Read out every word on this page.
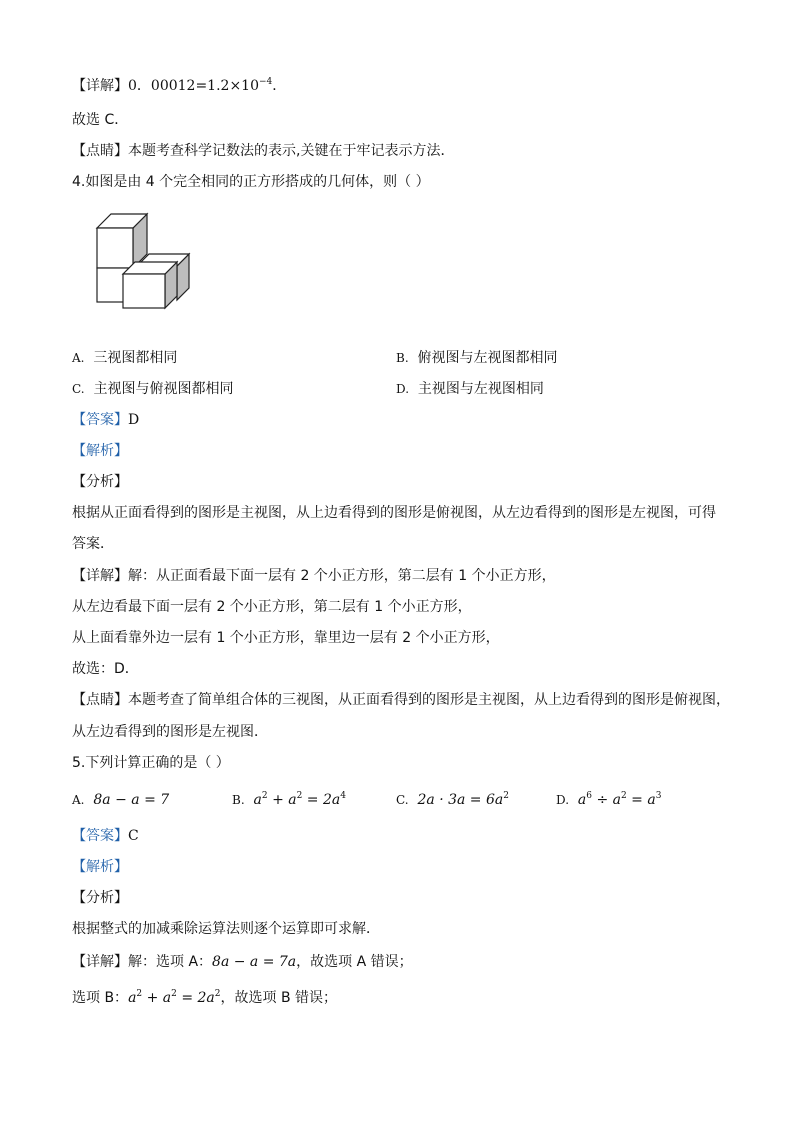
【详解】0．$00012=1.2\times 10^{-4}$．
故选 C．
【点睛】本题考查科学记数法的表示,关键在于牢记表示方法．
4.如图是由 4 个完全相同的正方形搭成的几何体，则（ ）
A. 三视图都相同	B. 俯视图与左视图都相同
C. 主视图与俯视图都相同	D. 主视图与左视图相同
【答案】D
【解析】
【分析】
根据从正面看得到的图形是主视图，从上边看得到的图形是俯视图，从左边看得到的图形是左视图，可得
答案．
【详解】解：从正面看最下面一层有 2 个小正方形，第二层有 1 个小正方形，
从左边看最下面一层有 2 个小正方形，第二层有 1 个小正方形，
从上面看靠外边一层有 1 个小正方形，靠里边一层有 2 个小正方形，
故选：D．
【点睛】本题考查了简单组合体的三视图，从正面看得到的图形是主视图，从上边看得到的图形是俯视图，
从左边看得到的图形是左视图．
5.下列计算正确的是（ ）
A. 8a − a = 7	B. $a^2 + a^2 = 2a^4$	C. $2a \cdot 3a = 6a^2$	D. $a^6 \div a^2 = a^3$
【答案】C
【解析】
【分析】
根据整式的加减乘除运算法则逐个运算即可求解．
【详解】解：选项 A：8a − a = 7a，故选项 A 错误；
选项 B：$a^2 + a^2 = 2a^2$，故选项 B 错误；
